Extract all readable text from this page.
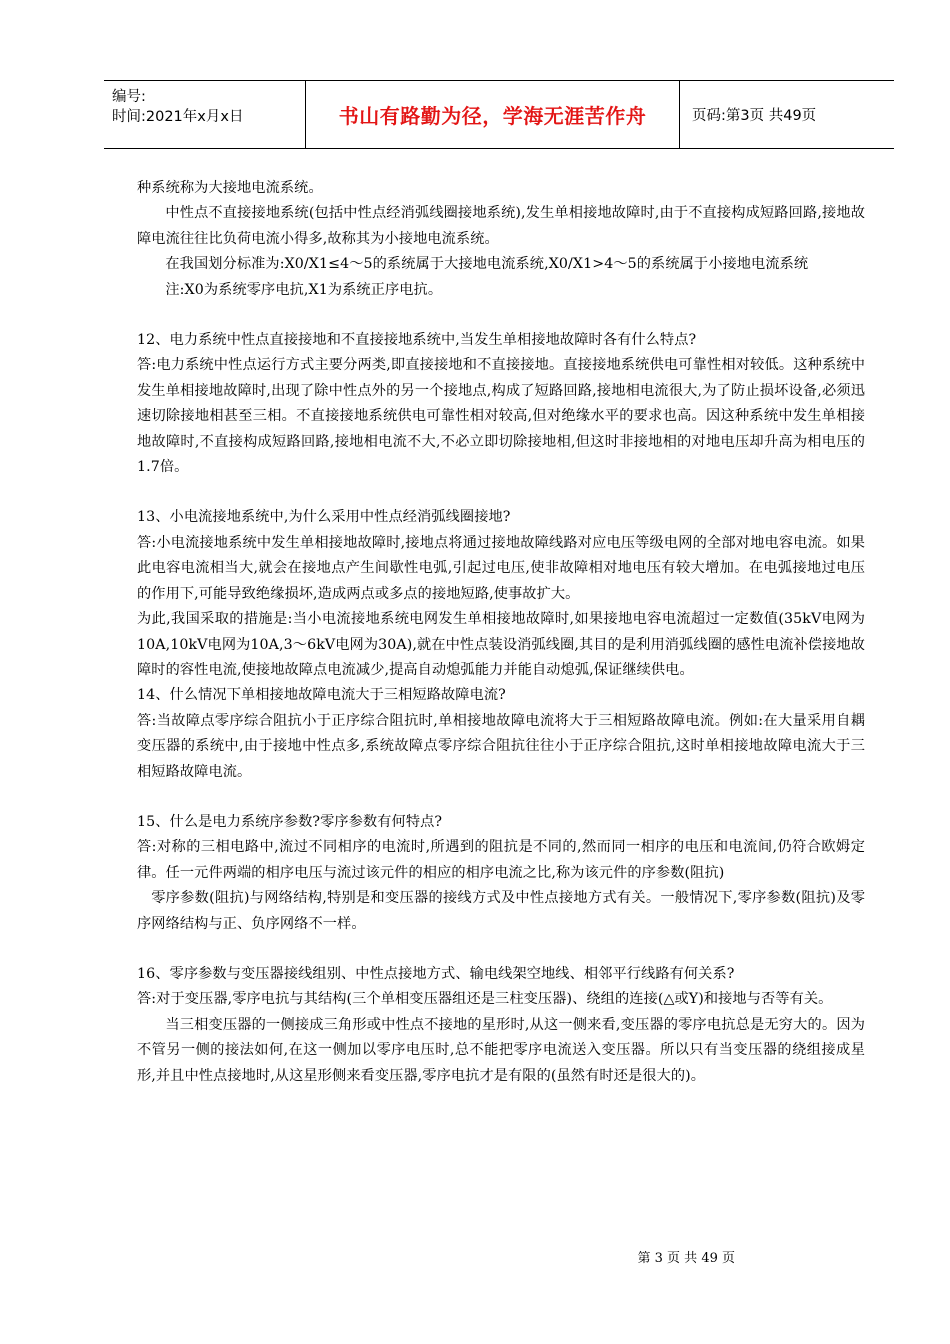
编号:
时间:2021年x月x日	书山有路勤为径，学海无涯苦作舟	页码:第3页 共49页

种系统称为大接地电流系统。

中性点不直接接地系统(包括中性点经消弧线圈接地系统),发生单相接地故障时,由于不直接构成短路回路,接地故障电流往往比负荷电流小得多,故称其为小接地电流系统。

在我国划分标准为:X0/X1≤4～5的系统属于大接地电流系统,X0/X1>4～5的系统属于小接地电流系统

注:X0为系统零序电抗,X1为系统正序电抗。

12、电力系统中性点直接接地和不直接接地系统中,当发生单相接地故障时各有什么特点?

答:电力系统中性点运行方式主要分两类,即直接接地和不直接接地。直接接地系统供电可靠性相对较低。这种系统中发生单相接地故障时,出现了除中性点外的另一个接地点,构成了短路回路,接地相电流很大,为了防止损坏设备,必须迅速切除接地相甚至三相。不直接接地系统供电可靠性相对较高,但对绝缘水平的要求也高。因这种系统中发生单相接地故障时,不直接构成短路回路,接地相电流不大,不必立即切除接地相,但这时非接地相的对地电压却升高为相电压的1.7倍。

13、小电流接地系统中,为什么采用中性点经消弧线圈接地?

答:小电流接地系统中发生单相接地故障时,接地点将通过接地故障线路对应电压等级电网的全部对地电容电流。如果此电容电流相当大,就会在接地点产生间歇性电弧,引起过电压,使非故障相对地电压有较大增加。在电弧接地过电压的作用下,可能导致绝缘损坏,造成两点或多点的接地短路,使事故扩大。

为此,我国采取的措施是:当小电流接地系统电网发生单相接地故障时,如果接地电容电流超过一定数值(35kV电网为10A,10kV电网为10A,3～6kV电网为30A),就在中性点装设消弧线圈,其目的是利用消弧线圈的感性电流补偿接地故障时的容性电流,使接地故障点电流减少,提高自动熄弧能力并能自动熄弧,保证继续供电。

14、什么情况下单相接地故障电流大于三相短路故障电流?

答:当故障点零序综合阻抗小于正序综合阻抗时,单相接地故障电流将大于三相短路故障电流。例如:在大量采用自耦变压器的系统中,由于接地中性点多,系统故障点零序综合阻抗往往小于正序综合阻抗,这时单相接地故障电流大于三相短路故障电流。

15、什么是电力系统序参数?零序参数有何特点?

答:对称的三相电路中,流过不同相序的电流时,所遇到的阻抗是不同的,然而同一相序的电压和电流间,仍符合欧姆定律。任一元件两端的相序电压与流过该元件的相应的相序电流之比,称为该元件的序参数(阻抗)

零序参数(阻抗)与网络结构,特别是和变压器的接线方式及中性点接地方式有关。一般情况下,零序参数(阻抗)及零序网络结构与正、负序网络不一样。

16、零序参数与变压器接线组别、中性点接地方式、输电线架空地线、相邻平行线路有何关系?

答:对于变压器,零序电抗与其结构(三个单相变压器组还是三柱变压器)、绕组的连接(△或Y)和接地与否等有关。

当三相变压器的一侧接成三角形或中性点不接地的星形时,从这一侧来看,变压器的零序电抗总是无穷大的。因为不管另一侧的接法如何,在这一侧加以零序电压时,总不能把零序电流送入变压器。所以只有当变压器的绕组接成星形,并且中性点接地时,从这星形侧来看变压器,零序电抗才是有限的(虽然有时还是很大的)。

第 3 页 共 49 页
